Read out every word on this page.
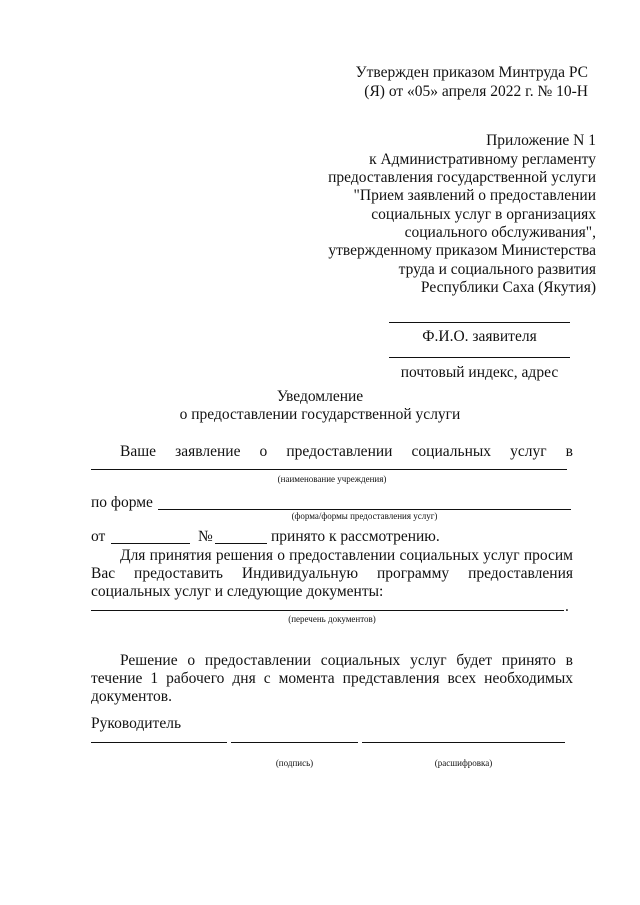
Утвержден приказом Минтруда РС
(Я) от «05» апреля 2022 г. № 10-Н
Приложение N 1
к Административному регламенту
предоставления государственной услуги
"Прием заявлений о предоставлении
социальных услуг в организациях
социального обслуживания",
утвержденному приказом Министерства
труда и социального развития
Республики Саха (Якутия)
Ф.И.О. заявителя
почтовый индекс, адрес
Уведомление
о предоставлении государственной услуги
Ваше заявление о предоставлении социальных услуг в
(наименование учреждения)
по форме
(форма/формы предоставления услуг)
от	№	принято к рассмотрению.
Для принятия решения о предоставлении социальных услуг просим
Вас предоставить Индивидуальную программу предоставления
социальных услуг и следующие документы:
.
(перечень документов)
Решение о предоставлении социальных услуг будет принято в
течение 1 рабочего дня с момента представления всех необходимых
документов.
Руководитель
(подпись)	(расшифровка)
